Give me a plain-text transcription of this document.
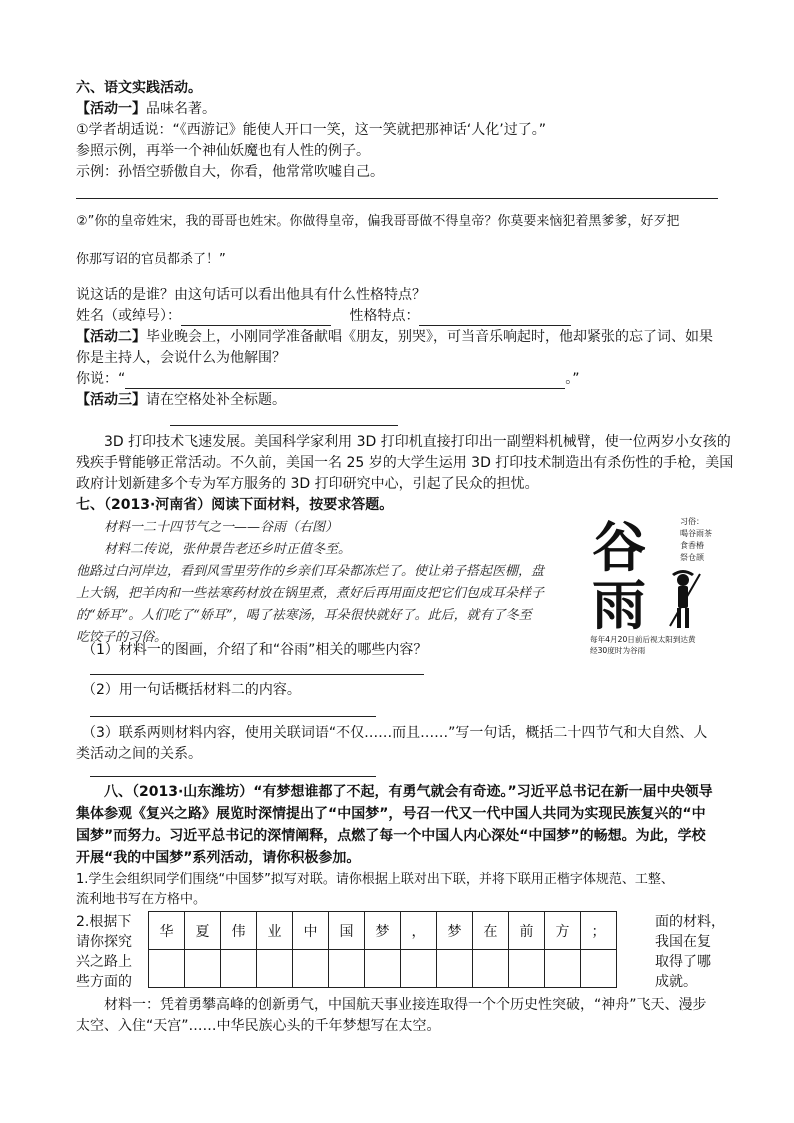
六、语文实践活动。
【活动一】品味名著。
①学者胡适说：“《西游记》能使人开口一笑，这一笑就把那神话‘人化’过了。”
参照示例，再举一个神仙妖魔也有人性的例子。
示例：孙悟空骄傲自大，你看，他常常吹嘘自己。
②”你的皇帝姓宋，我的哥哥也姓宋。你做得皇帝，偏我哥哥做不得皇帝？你莫要来恼犯着黑爹爹，好歹把
你那写诏的官员都杀了！”
说这话的是谁？由这句话可以看出他具有什么性格特点？
姓名（或绰号）：	性格特点：
【活动二】毕业晚会上，小刚同学准备献唱《朋友，别哭》，可当音乐响起时，他却紧张的忘了词、如果
你是主持人，会说什么为他解围？
你说：“	。”
【活动三】请在空格处补全标题。
3D 打印技术飞速发展。美国科学家利用 3D 打印机直接打印出一副塑料机械臂，使一位两岁小女孩的
残疾手臂能够正常活动。不久前，美国一名 25 岁的大学生运用 3D 打印技术制造出有杀伤性的手枪，美国
政府计划新建多个专为军方服务的 3D 打印研究中心，引起了民众的担忧。
七、（2013·河南省）阅读下面材料，按要求答题。
材料一二十四节气之一——谷雨（右图）
材料二传说，张仲景告老还乡时正值冬至。
他路过白河岸边，看到风雪里劳作的乡亲们耳朵都冻烂了。使让弟子搭起医棚，盘
上大锅，把羊肉和一些祛寒药材放在锅里煮，煮好后再用面皮把它们包成耳朵样子
的“娇耳”。人们吃了“娇耳”，喝了祛寒汤，耳朵很快就好了。此后，就有了冬至
吃饺子的习俗。
谷
雨
习俗：
喝谷雨茶
食香椿
祭仓颉
每年4月20日前后视太阳到达黄
经30度时为谷雨
（1）材料一的图画，介绍了和“谷雨”相关的哪些内容？
（2）用一句话概括材料二的内容。
（3）联系两则材料内容，使用关联词语“不仅……而且……”写一句话，概括二十四节气和大自然、人
类活动之间的关系。
八、（2013·山东潍坊）“有梦想谁都了不起，有勇气就会有奇迹。”习近平总书记在新一届中央领导
集体参观《复兴之路》展览时深情提出了“中国梦”，号召一代又一代中国人共同为实现民族复兴的“中
国梦”而努力。习近平总书记的深情阐释，点燃了每一个中国人内心深处“中国梦”的畅想。为此，学校
开展“我的中国梦”系列活动，请你积极参加。
1.学生会组织同学们围绕“中国梦”拟写对联。请你根据上联对出下联，并将下联用正楷字体规范、工整、
流利地书写在方格中。
2.根据下
请你探究
兴之路上
些方面的
面的材料，
我国在复
取得了哪
成就。
华	夏	伟	业	中	国	梦	，	梦	在	前	方	；

材料一：凭着勇攀高峰的创新勇气，中国航天事业接连取得一个个历史性突破，“神舟”飞天、漫步
太空、入住“天宫”……中华民族心头的千年梦想写在太空。
